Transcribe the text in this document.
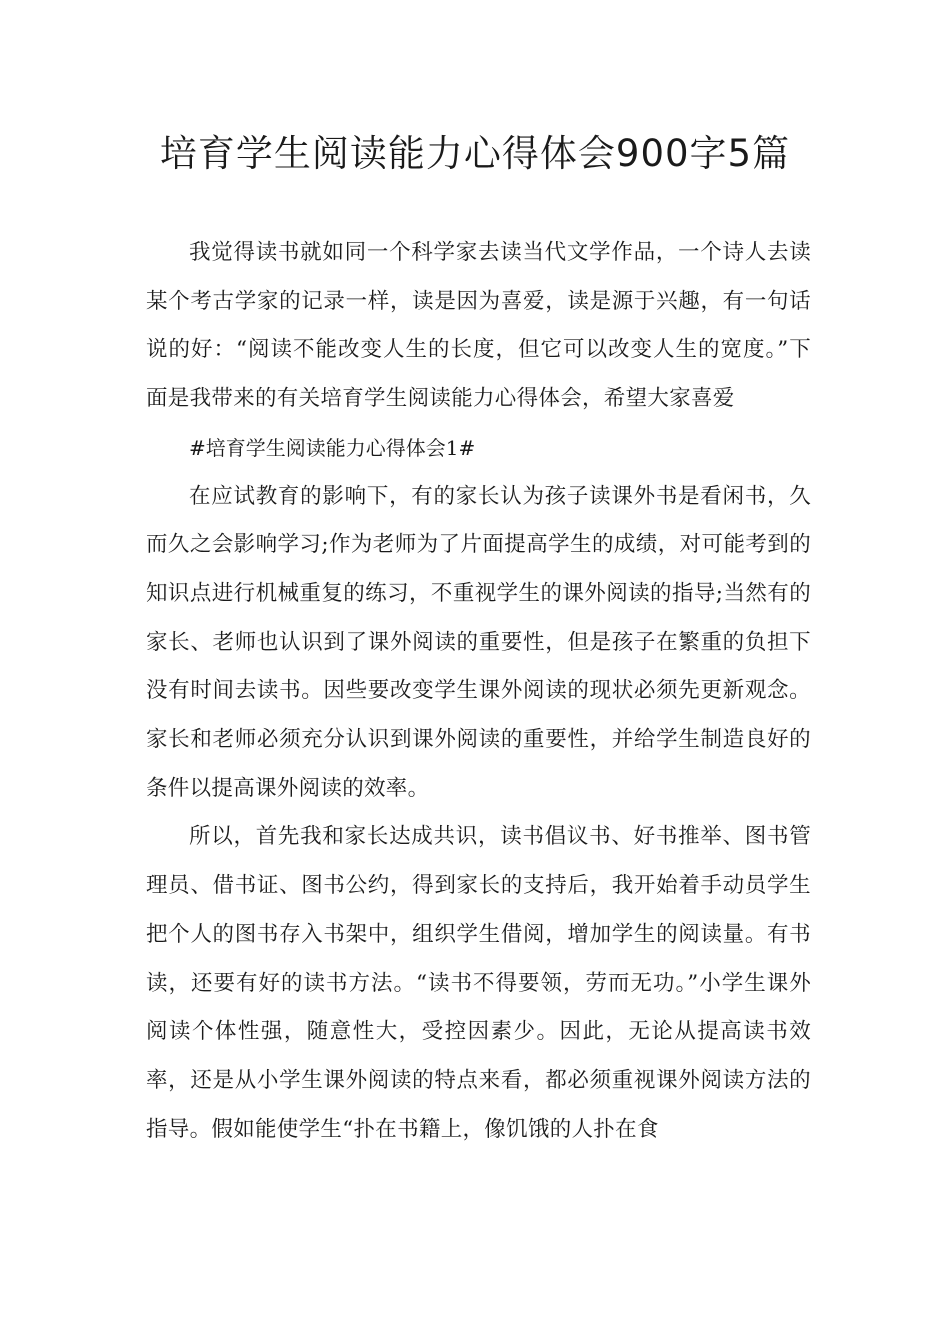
培育学生阅读能力心得体会900字5篇

我觉得读书就如同一个科学家去读当代文学作品，一个诗人去读某个考古学家的记录一样，读是因为喜爱，读是源于兴趣，有一句话说的好：“阅读不能改变人生的长度，但它可以改变人生的宽度。”下面是我带来的有关培育学生阅读能力心得体会，希望大家喜爱

#培育学生阅读能力心得体会1#

在应试教育的影响下，有的家长认为孩子读课外书是看闲书，久而久之会影响学习;作为老师为了片面提高学生的成绩，对可能考到的知识点进行机械重复的练习，不重视学生的课外阅读的指导;当然有的家长、老师也认识到了课外阅读的重要性，但是孩子在繁重的负担下没有时间去读书。因些要改变学生课外阅读的现状必须先更新观念。家长和老师必须充分认识到课外阅读的重要性，并给学生制造良好的条件以提高课外阅读的效率。

所以，首先我和家长达成共识，读书倡议书、好书推举、图书管理员、借书证、图书公约，得到家长的支持后，我开始着手动员学生把个人的图书存入书架中，组织学生借阅，增加学生的阅读量。有书读，还要有好的读书方法。“读书不得要领，劳而无功。”小学生课外阅读个体性强，随意性大，受控因素少。因此，无论从提高读书效率，还是从小学生课外阅读的特点来看，都必须重视课外阅读方法的指导。假如能使学生“扑在书籍上，像饥饿的人扑在食
